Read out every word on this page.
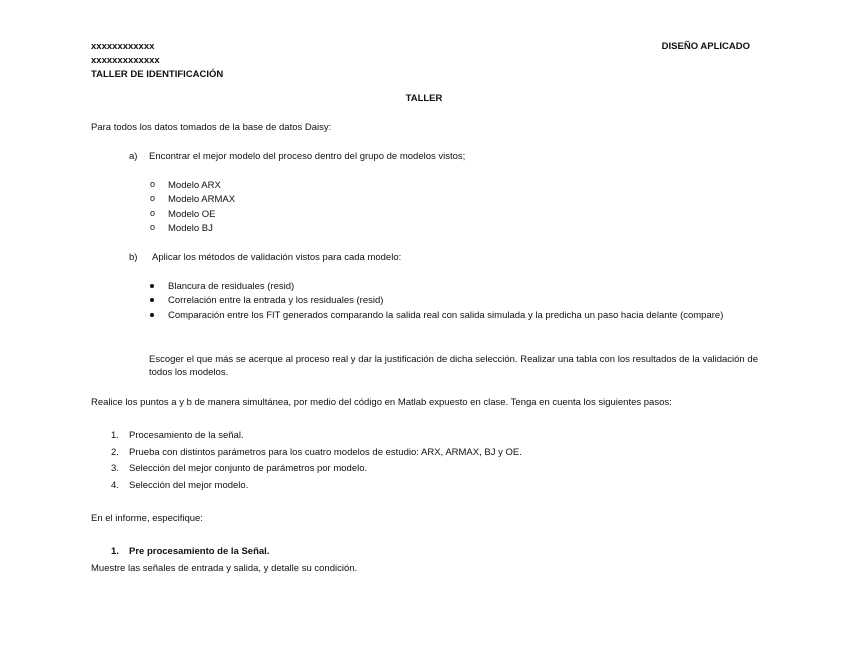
xxxxxxxxxxxx
xxxxxxxxxxxxx
TALLER DE IDENTIFICACIÓN
DISEÑO APLICADO
TALLER
Para todos los datos tomados de la base de datos Daisy:
a) Encontrar el mejor modelo del proceso dentro del grupo de modelos vistos;
o Modelo ARX
o Modelo ARMAX
o Modelo OE
o Modelo BJ
b) Aplicar los métodos de validación vistos para cada modelo:
Blancura de residuales (resid)
Correlación entre la entrada y los residuales (resid)
Comparación entre los FIT generados comparando la salida real con salida simulada y la predicha un paso hacia delante (compare)
Escoger el que más se acerque al proceso real y dar la justificación de dicha selección. Realizar una tabla con los resultados de la validación de todos los modelos.
Realice los puntos a y b de manera simultánea, por medio del código en Matlab expuesto en clase. Tenga en cuenta los siguientes pasos:
1. Procesamiento de la señal.
2. Prueba con distintos parámetros para los cuatro modelos de estudio: ARX, ARMAX, BJ y OE.
3. Selección del mejor conjunto de parámetros por modelo.
4. Selección del mejor modelo.
En el informe, especifique:
1. Pre procesamiento de la Señal.
Muestre las señales de entrada y salida, y detalle su condición.
